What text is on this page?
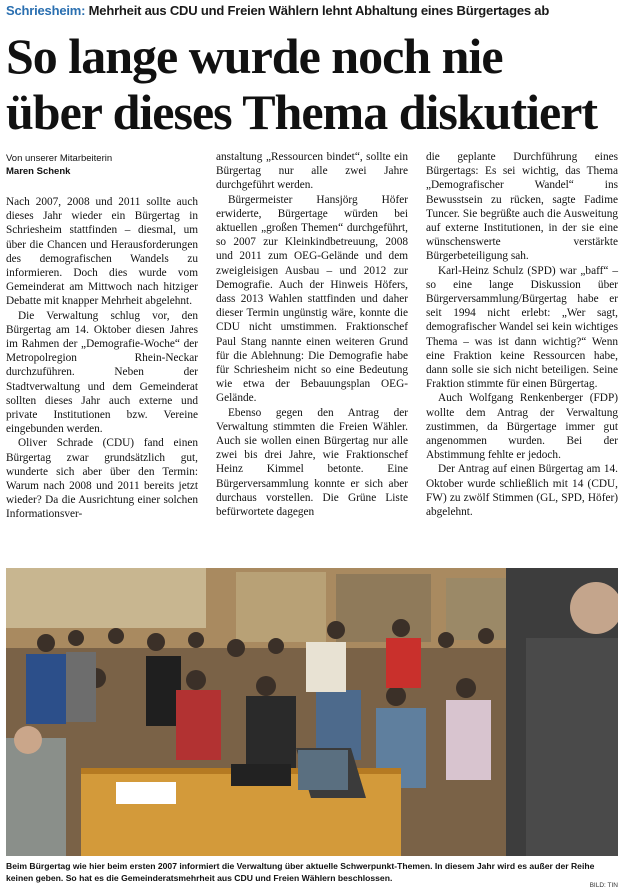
Schriesheim: Mehrheit aus CDU und Freien Wählern lehnt Abhaltung eines Bürgertages ab
So lange wurde noch nie
über dieses Thema diskutiert
Von unserer Mitarbeiterin
Maren Schenk

Nach 2007, 2008 und 2011 sollte auch dieses Jahr wieder ein Bürgertag in Schriesheim stattfinden – diesmal, um über die Chancen und Herausforderungen des demografischen Wandels zu informieren. Doch dies wurde vom Gemeinderat am Mittwoch nach hitziger Debatte mit knapper Mehrheit abgelehnt.

Die Verwaltung schlug vor, den Bürgertag am 14. Oktober diesen Jahres im Rahmen der „Demografie-Woche“ der Metropolregion Rhein-Neckar durchzuführen. Neben der Stadtverwaltung und dem Gemeinderat sollten dieses Jahr auch externe und private Institutionen bzw. Vereine eingebunden werden.

Oliver Schrade (CDU) fand einen Bürgertag zwar grundsätzlich gut, wunderte sich aber über den Termin: Warum nach 2008 und 2011 bereits jetzt wieder? Da die Ausrichtung einer solchen Informationsver-

anstaltung „Ressourcen bindet“, sollte ein Bürgertag nur alle zwei Jahre durchgeführt werden.

Bürgermeister Hansjörg Höfer erwiderte, Bürgertage würden bei aktuellen „großen Themen“ durchgeführt, so 2007 zur Kleinkindbetreuung, 2008 und 2011 zum OEG-Gelände und dem zweigleisigen Ausbau – und 2012 zur Demografie. Auch der Hinweis Höfers, dass 2013 Wahlen stattfinden und daher dieser Termin ungünstig wäre, konnte die CDU nicht umstimmen. Fraktionschef Paul Stang nannte einen weiteren Grund für die Ablehnung: Die Demografie habe für Schriesheim nicht so eine Bedeutung wie etwa der Bebauungsplan OEG-Gelände.

Ebenso gegen den Antrag der Verwaltung stimmten die Freien Wähler. Auch sie wollen einen Bürgertag nur alle zwei bis drei Jahre, wie Fraktionschef Heinz Kimmel betonte. Eine Bürgerversammlung konnte er sich aber durchaus vorstellen. Die Grüne Liste befürwortete dagegen

die geplante Durchführung eines Bürgertags: Es sei wichtig, das Thema „Demografischer Wandel“ ins Bewusstsein zu rücken, sagte Fadime Tuncer. Sie begrüßte auch die Ausweitung auf externe Institutionen, in der sie eine wünschenswerte verstärkte Bürgerbeteiligung sah.

Karl-Heinz Schulz (SPD) war „baff“ – so eine lange Diskussion über Bürgerversammlung/Bürgertag habe er seit 1994 nicht erlebt: „Wer sagt, demografischer Wandel sei kein wichtiges Thema – was ist dann wichtig?“ Wenn eine Fraktion keine Ressourcen habe, dann solle sie sich nicht beteiligen. Seine Fraktion stimmte für einen Bürgertag.

Auch Wolfgang Renkenberger (FDP) wollte dem Antrag der Verwaltung zustimmen, da Bürgertage immer gut angenommen wurden. Bei der Abstimmung fehlte er jedoch.

Der Antrag auf einen Bürgertag am 14. Oktober wurde schließlich mit 14 (CDU, FW) zu zwölf Stimmen (GL, SPD, Höfer) abgelehnt.

Beim Bürgertag wie hier beim ersten 2007 informiert die Verwaltung über aktuelle Schwerpunkt-Themen. In diesem Jahr wird es außer der Reihe keinen geben. So hat es die Gemeinderatsmehrheit aus CDU und Freien Wählern beschlossen.
BILD: TIN
